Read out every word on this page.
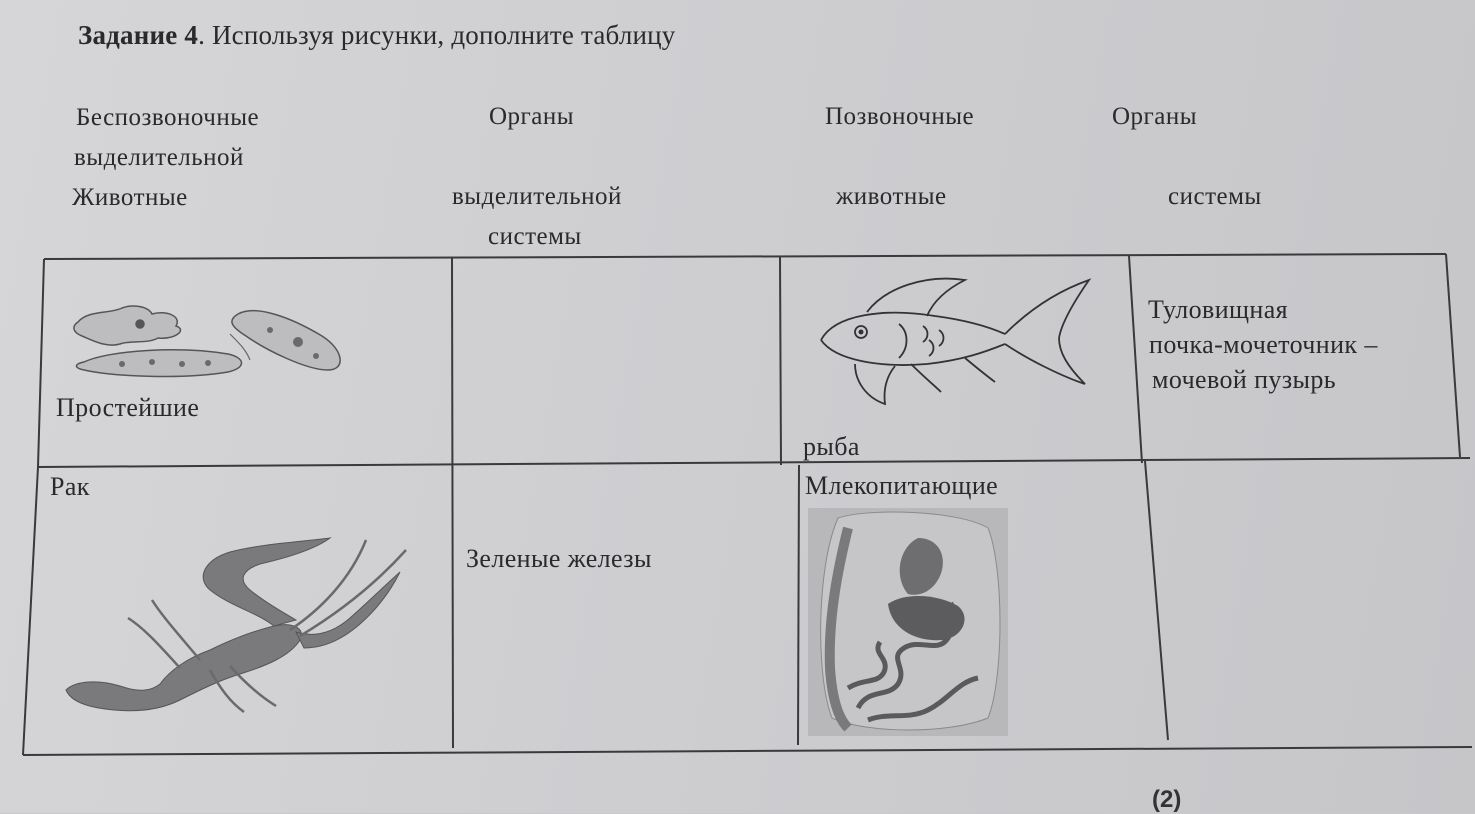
Задание 4. Используя рисунки, дополните таблицу
Беспозвоночные
выделительной
Животные
Органы
выделительной
системы
Позвоночные
животные
Органы
системы
Простейшие
рыба
Туловищная
почка-мочеточник –
мочевой пузырь
Рак
Зеленые железы
Млекопитающие
(2)
